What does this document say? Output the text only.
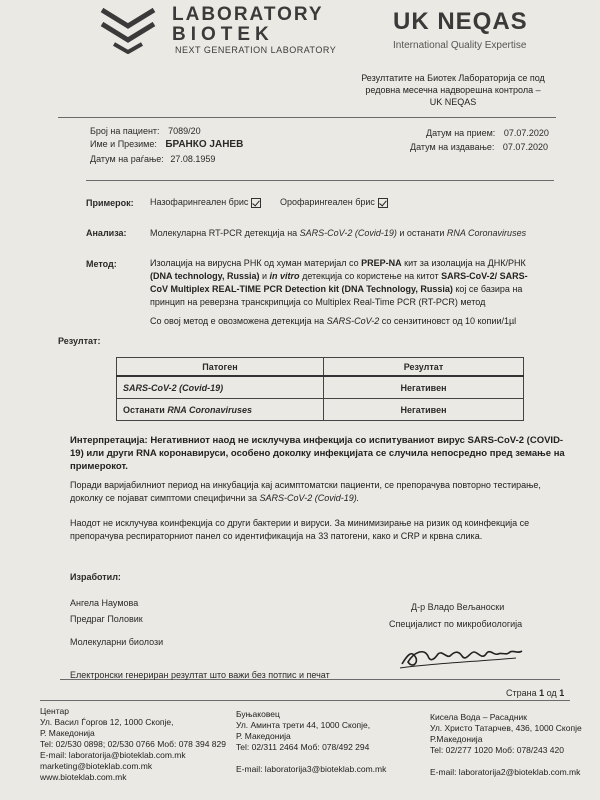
LABORATORY
BIOTEK
NEXT GENERATION LABORATORY
UK NEQAS
International Quality Expertise
Резултатите на Биотек Лабораторија се под
редовна месечна надворешна контрола –
UK NEQAS
Број на пациент: 7089/20
Име и Презиме: БРАНКО ЈАНЕВ
Датум на раѓање: 27.08.1959
Датум на прием: 07.07.2020
Датум на издавање: 07.07.2020
Примерок: Назофарингеален брис	Орофарингеален брис
Анализа:	Молекуларна RT-PCR детекција на SARS-CoV-2 (Covid-19) и останати RNA Coronaviruses
Метод:	Изолација на вирусна РНК од хуман материјал со PREP-NA кит за изолација на ДНК/РНК
(DNA technology, Russia) и in vitro детекција со користење на китот SARS-CoV-2/ SARS-
CoV Multiplex REAL-TIME PCR Detection kit (DNA Technology, Russia) кој се базира на
принцип на реверзна транскрипција со Multiplex Real-Time PCR (RT-PCR) метод
Со овој метод е овозможена детекција на SARS-CoV-2 со сензитиновст од 10 копии/1µl
Резултат:
Патоген	Резултат
SARS-CoV-2 (Covid-19)	Негативен
Останати RNA Coronaviruses	Негативен
Интерпретација: Негативниот наод не исклучува инфекција со испитуваниот вирус SARS-CoV-2 (COVID-
19) или други RNA коронавируси, особено доколку инфекцијата се случила непосредно пред земање на
примерокот.
Поради варијабилниот период на инкубација кај асимптоматски пациенти, се препорачува повторно тестирање,
доколку се појават симптоми специфични за SARS-CoV-2 (Covid-19).
Наодот не исклучува коинфекција со други бактерии и вируси. За минимизирање на ризик од коинфекција се
препорачува респираторниот панел со идентификација на 33 патогени, како и CRP и крвна слика.
Изработил:
Ангела Наумова
Предраг Половик
Молекуларни биолози
Д-р Владо Вељаноски
Специјалист по микробиологија
Електронски генериран резултат што важи без потпис и печат
Страна 1 од 1
Центар
Ул. Васил Ѓоргов 12, 1000 Скопје,
Р. Македонија
Tel: 02/530 0898; 02/530 0766 Моб: 078 394 829
E-mail: laboratorija@bioteklab.com.mk
marketing@bioteklab.com.mk
www.bioteklab.com.mk
Буњаковец
Ул. Аминта трети 44, 1000 Скопје,
Р. Македонија
Tel: 02/311 2464 Моб: 078/492 294
E-mail: laboratorija3@bioteklab.com.mk
Кисела Вода – Расадник
Ул. Христо Татарчев, 436, 1000 Скопје
Р.Македонија
Tel: 02/277 1020 Моб: 078/243 420
E-mail: laboratorija2@bioteklab.com.mk
